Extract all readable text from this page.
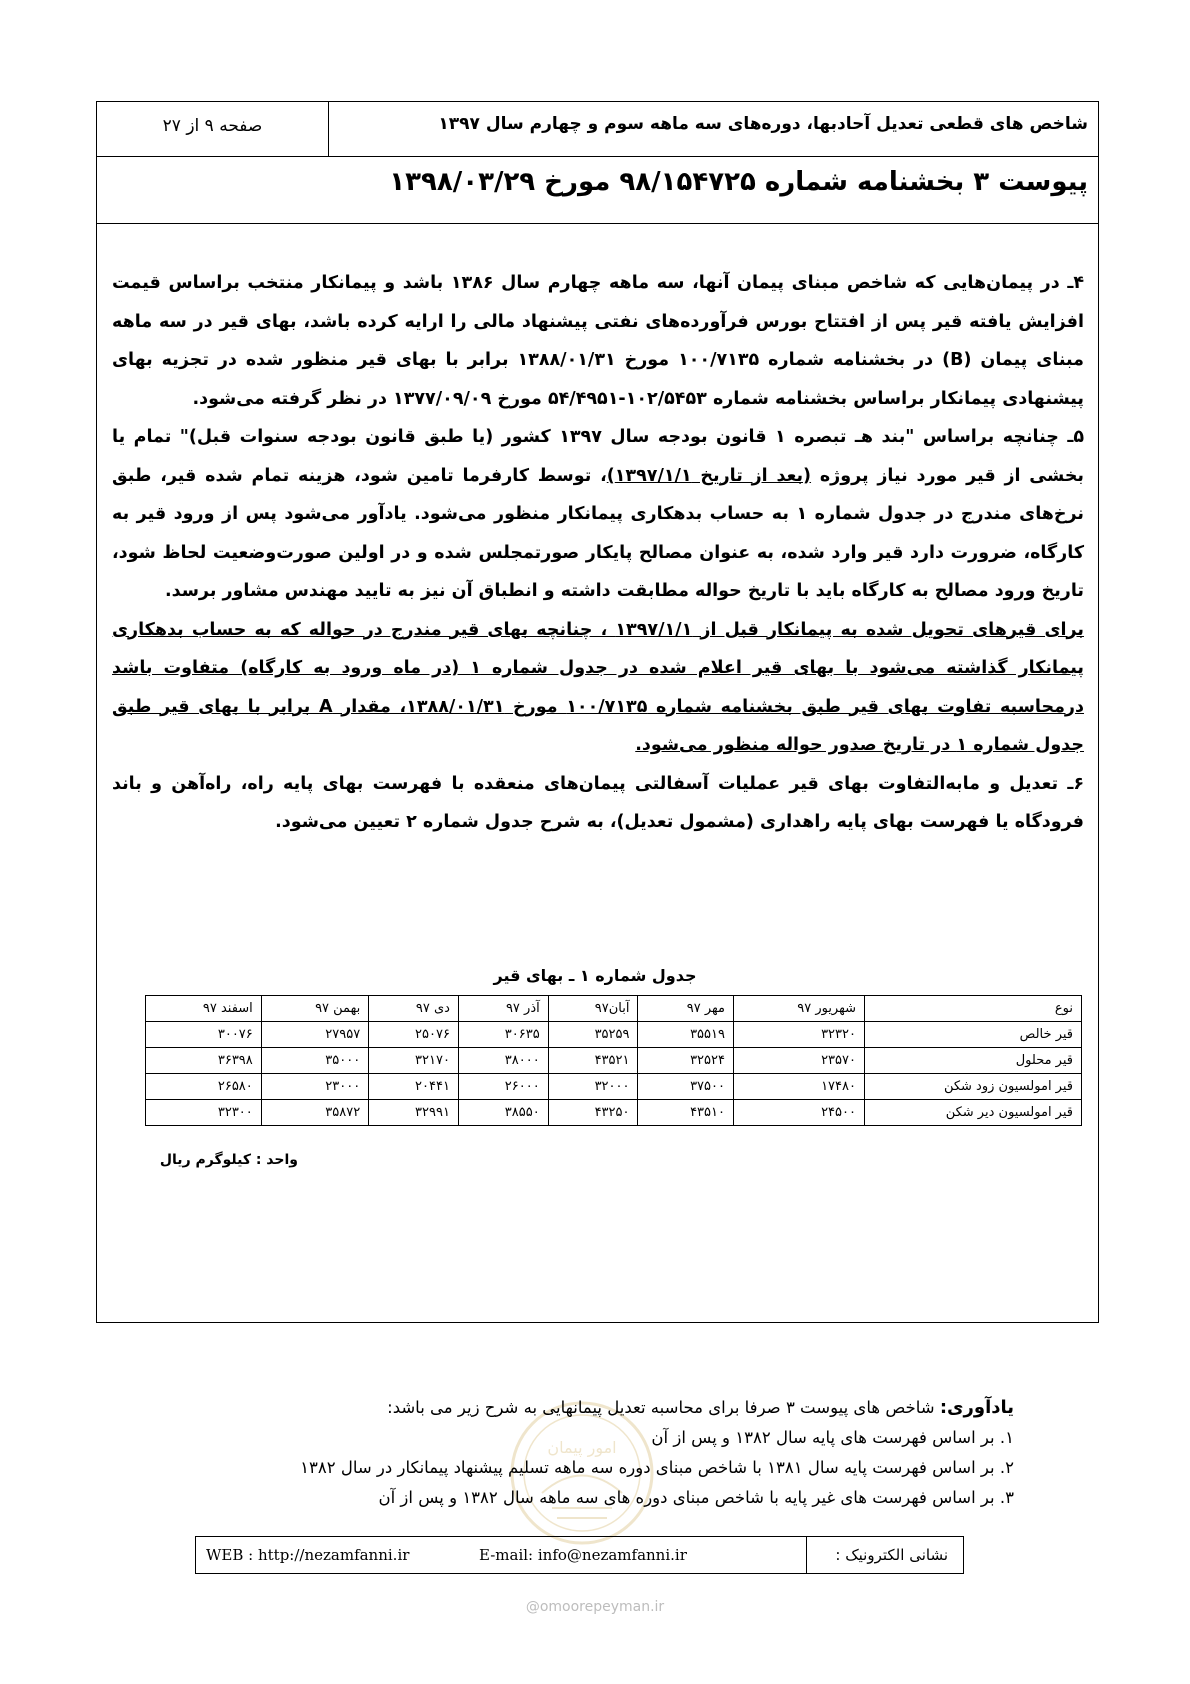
شاخص های قطعی تعدیل آحادبها، دوره‌های سه ماهه سوم و چهارم سال ۱۳۹۷
صفحه ۹ از ۲۷
پیوست ۳ بخشنامه شماره ۹۸/۱۵۴۷۲۵ مورخ ۱۳۹۸/۰۳/۲۹

۴ـ در پیمان‌هایی که شاخص مبنای پیمان آنها، سه ماهه چهارم سال ۱۳۸۶ باشد و پیمانکار منتخب براساس قیمت افزایش یافته قیر پس از افتتاح بورس فرآورده‌های نفتی پیشنهاد مالی را ارایه کرده باشد، بهای قیر در سه ماهه مبنای پیمان (B) در بخشنامه شماره ۱۰۰/۷۱۳۵ مورخ ۱۳۸۸/۰۱/۳۱ برابر با بهای قیر منظور شده در تجزیه بهای پیشنهادی پیمانکار براساس بخشنامه شماره ۱۰۲/۵۴۵۳-۵۴/۴۹۵۱ مورخ ۱۳۷۷/۰۹/۰۹ در نظر گرفته می‌شود.

۵ـ چنانچه براساس "بند هـ تبصره ۱ قانون بودجه سال ۱۳۹۷ کشور (یا طبق قانون بودجه سنوات قبل)" تمام یا بخشی از قیر مورد نیاز پروژه (بعد از تاریخ ۱۳۹۷/۱/۱)، توسط کارفرما تامین شود، هزینه تمام شده قیر، طبق نرخ‌های مندرج در جدول شماره ۱ به حساب بدهکاری پیمانکار منظور می‌شود. یادآور می‌شود پس از ورود قیر به کارگاه، ضرورت دارد قیر وارد شده، به عنوان مصالح پایکار صورتمجلس شده و در اولین صورت‌وضعیت لحاظ شود، تاریخ ورود مصالح به کارگاه باید با تاریخ حواله مطابقت داشته و انطباق آن نیز به تایید مهندس مشاور برسد.

برای قیرهای تحویل شده به پیمانکار قبل از ۱۳۹۷/۱/۱ ، چنانچه بهای قیر مندرج در حواله که به حساب بدهکاری پیمانکار گذاشته می‌شود با بهای قیر اعلام شده در جدول شماره ۱ (در ماه ورود به کارگاه) متفاوت باشد درمحاسبه تفاوت بهای قیر طبق بخشنامه شماره ۱۰۰/۷۱۳۵ مورخ ۱۳۸۸/۰۱/۳۱، مقدار A برابر با بهای قیر طبق جدول شماره ۱ در تاریخ صدور حواله منظور می‌شود.

۶ـ تعدیل و مابه‌التفاوت بهای قیر عملیات آسفالتی پیمان‌های منعقده با فهرست بهای پایه راه، راه‌آهن و باند فرودگاه یا فهرست بهای پایه راهداری (مشمول تعدیل)، به شرح جدول شماره ۲ تعیین می‌شود.

جدول شماره ۱ ـ بهای قیر
نوع	شهریور ۹۷	مهر ۹۷	آبان۹۷	آذر ۹۷	دی ۹۷	بهمن ۹۷	اسفند ۹۷
قیر خالص	۳۲۳۲۰	۳۵۵۱۹	۳۵۲۵۹	۳۰۶۳۵	۲۵۰۷۶	۲۷۹۵۷	۳۰۰۷۶
قیر محلول	۲۳۵۷۰	۳۲۵۲۴	۴۳۵۲۱	۳۸۰۰۰	۳۲۱۷۰	۳۵۰۰۰	۳۶۳۹۸
قیر امولسیون زود شکن	۱۷۴۸۰	۳۷۵۰۰	۳۲۰۰۰	۲۶۰۰۰	۲۰۴۴۱	۲۳۰۰۰	۲۶۵۸۰
قیر امولسیون دیر شکن	۲۴۵۰۰	۴۳۵۱۰	۴۳۲۵۰	۳۸۵۵۰	۳۲۹۹۱	۳۵۸۷۲	۳۲۳۰۰
واحد : کیلوگرم ریال
امور پیمان

یادآوری: شاخص های پیوست ۳ صرفا برای محاسبه تعدیل پیمانهایی به شرح زیر می باشد:

۱. بر اساس فهرست های پایه سال ۱۳۸۲ و پس از آن

۲. بر اساس فهرست پایه سال ۱۳۸۱ با شاخص مبنای دوره سه ماهه تسلیم پیشنهاد پیمانکار در سال ۱۳۸۲

۳. بر اساس فهرست های غیر پایه با شاخص مبنای دوره های سه ماهه سال ۱۳۸۲ و پس از آن

WEB : http://nezamfanni.ir	E-mail: info@nezamfanni.ir	نشانی الکترونیک :
@omoorepeyman.ir
